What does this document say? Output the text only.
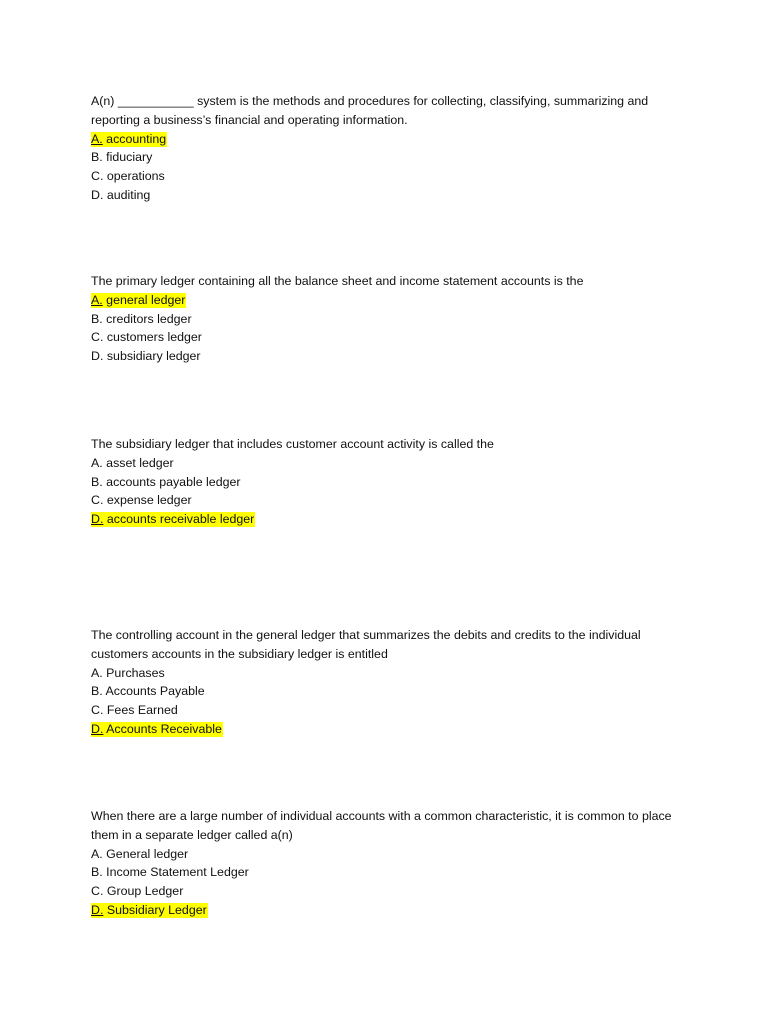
A(n) ___________ system is the methods and procedures for collecting, classifying, summarizing and reporting a business’s financial and operating information.

A. accounting

B. fiduciary

C. operations

D. auditing

The primary ledger containing all the balance sheet and income statement accounts is the

A. general ledger

B. creditors ledger

C. customers ledger

D. subsidiary ledger

The subsidiary ledger that includes customer account activity is called the

A. asset ledger

B. accounts payable ledger

C. expense ledger

D. accounts receivable ledger

The controlling account in the general ledger that summarizes the debits and credits to the individual customers accounts in the subsidiary ledger is entitled

A. Purchases

B. Accounts Payable

C. Fees Earned

D. Accounts Receivable

When there are a large number of individual accounts with a common characteristic, it is common to place them in a separate ledger called a(n)

A. General ledger

B. Income Statement Ledger

C. Group Ledger

D. Subsidiary Ledger
